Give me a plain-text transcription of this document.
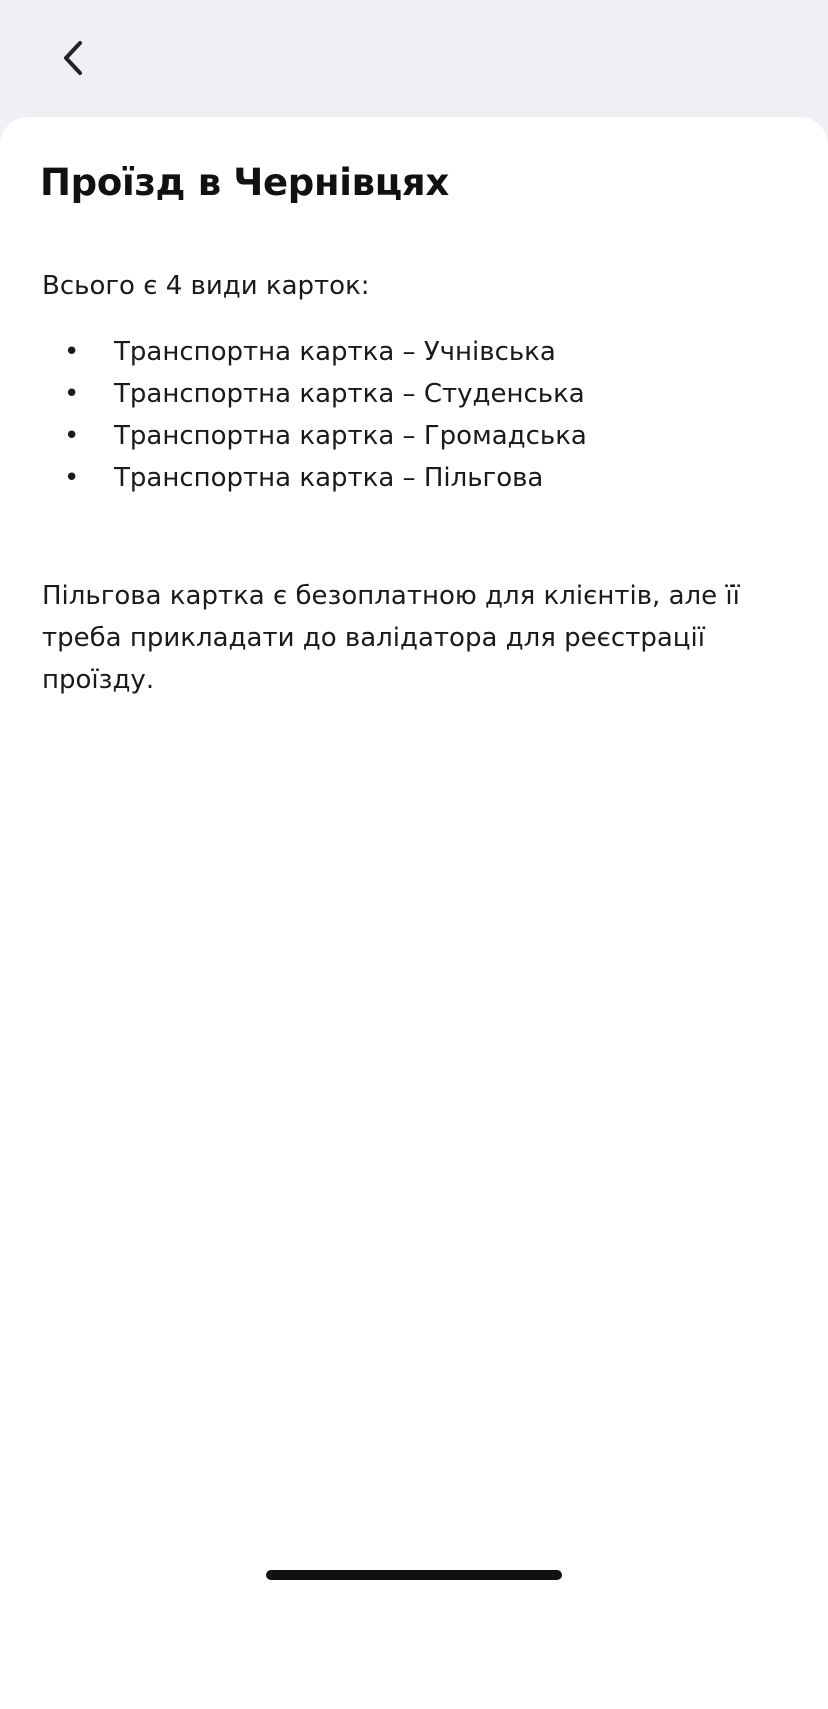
Проїзд в Чернівцях

Всього є 4 види карток:

• Транспортна картка – Учнівська
• Транспортна картка – Студенська
• Транспортна картка – Громадська
• Транспортна картка – Пільгова

Пільгова картка є безоплатною для клієнтів, але її треба прикладати до валідатора для реєстрації проїзду.
